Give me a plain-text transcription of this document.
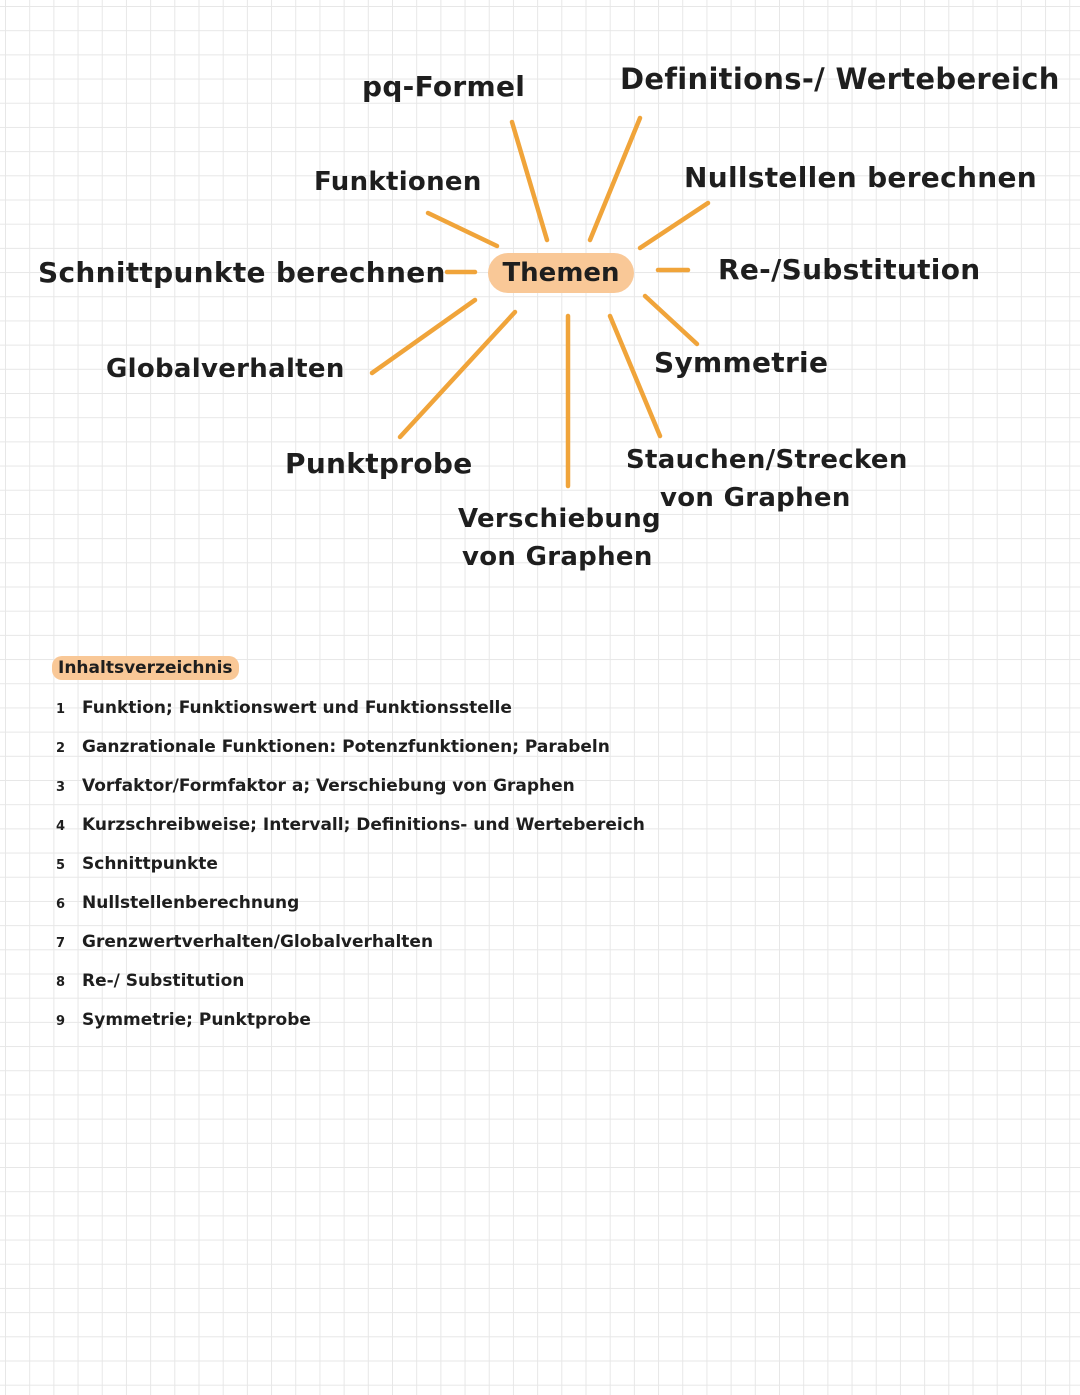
Themen
pq-Formel	Definitions-/ Wertebereich
Funktionen	Nullstellen berechnen
Schnittpunkte berechnen	Re-/Substitution
Globalverhalten	Symmetrie
Punktprobe	Stauchen/Strecken
von Graphen
Verschiebung
von Graphen
Inhaltsverzeichnis
1 Funktion; Funktionswert und Funktionsstelle
2 Ganzrationale Funktionen: Potenzfunktionen; Parabeln
3 Vorfaktor/Formfaktor a; Verschiebung von Graphen
4 Kurzschreibweise; Intervall; Definitions- und Wertebereich
5 Schnittpunkte
6 Nullstellenberechnung
7 Grenzwertverhalten/Globalverhalten
8 Re-/ Substitution
9 Symmetrie; Punktprobe
